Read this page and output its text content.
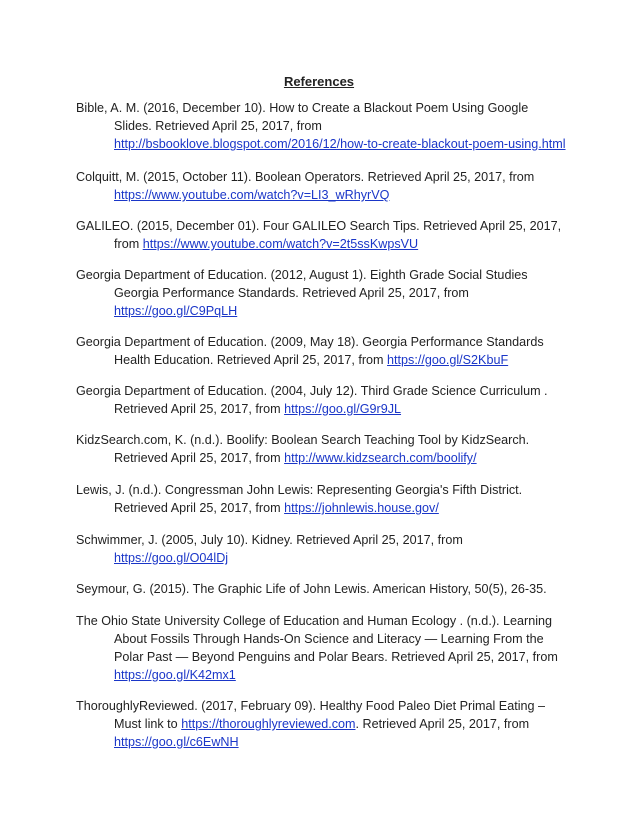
References
Bible, A. M. (2016, December 10). How to Create a Blackout Poem Using Google
Slides. Retrieved April 25, 2017, from
http://bsbooklove.blogspot.com/2016/12/how-to-create-blackout-poem-using.html
Colquitt, M. (2015, October 11). Boolean Operators. Retrieved April 25, 2017, from
https://www.youtube.com/watch?v=LI3_wRhyrVQ
GALILEO. (2015, December 01). Four GALILEO Search Tips. Retrieved April 25, 2017,
from https://www.youtube.com/watch?v=2t5ssKwpsVU
Georgia Department of Education. (2012, August 1). Eighth Grade Social Studies
Georgia Performance Standards. Retrieved April 25, 2017, from
https://goo.gl/C9PqLH
Georgia Department of Education. (2009, May 18). Georgia Performance Standards
Health Education. Retrieved April 25, 2017, from https://goo.gl/S2KbuF
Georgia Department of Education. (2004, July 12). Third Grade Science Curriculum .
Retrieved April 25, 2017, from https://goo.gl/G9r9JL
KidzSearch.com, K. (n.d.). Boolify: Boolean Search Teaching Tool by KidzSearch.
Retrieved April 25, 2017, from http://www.kidzsearch.com/boolify/
Lewis, J. (n.d.). Congressman John Lewis: Representing Georgia's Fifth District.
Retrieved April 25, 2017, from https://johnlewis.house.gov/
Schwimmer, J. (2005, July 10). Kidney. Retrieved April 25, 2017, from
https://goo.gl/O04lDj
Seymour, G. (2015). The Graphic Life of John Lewis. American History, 50(5), 26-35.
The Ohio State University College of Education and Human Ecology . (n.d.). Learning
About Fossils Through Hands-On Science and Literacy — Learning From the
Polar Past — Beyond Penguins and Polar Bears. Retrieved April 25, 2017, from
https://goo.gl/K42mx1
ThoroughlyReviewed. (2017, February 09). Healthy Food Paleo Diet Primal Eating –
Must link to https://thoroughlyreviewed.com. Retrieved April 25, 2017, from
https://goo.gl/c6EwNH
